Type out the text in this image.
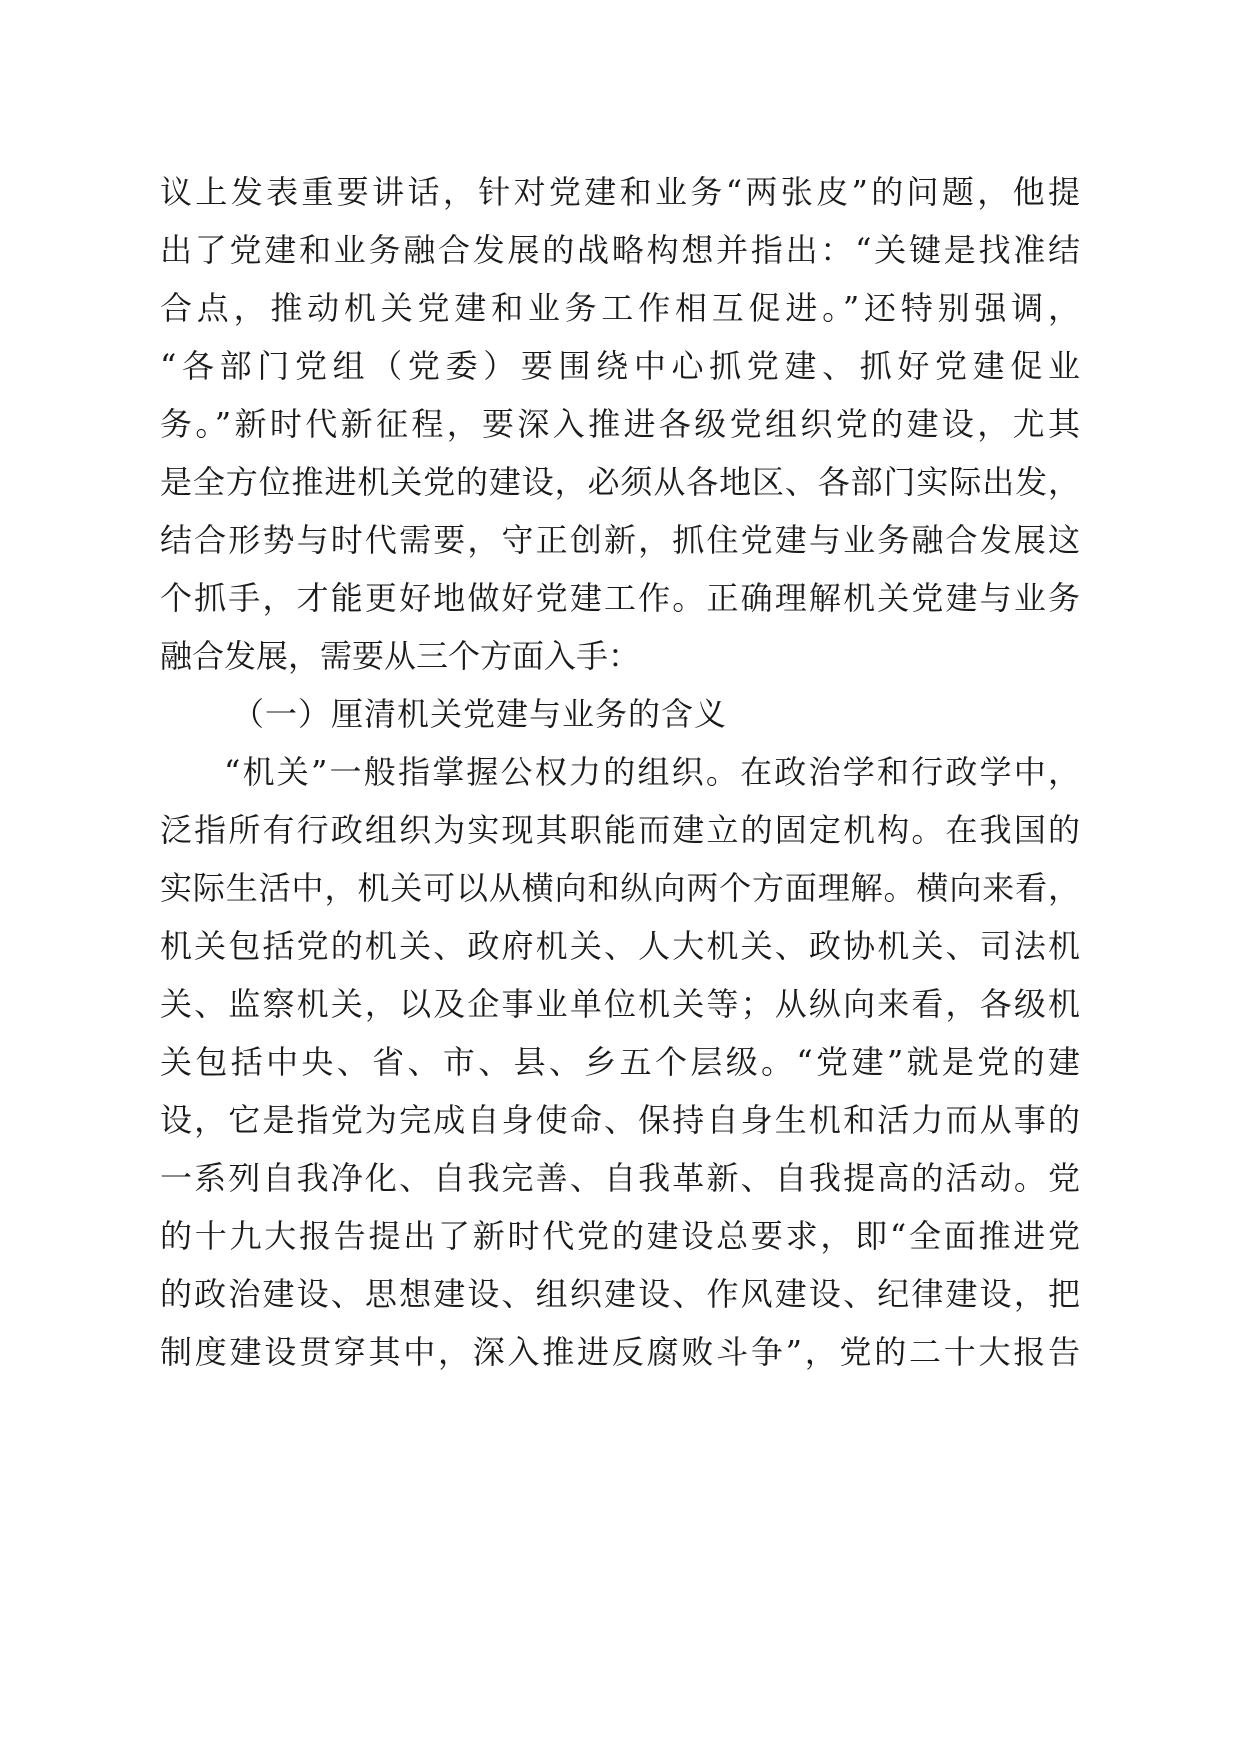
议上发表重要讲话，针对党建和业务“两张皮”的问题，他提
出了党建和业务融合发展的战略构想并指出：“关键是找准结
合点，推动机关党建和业务工作相互促进。”还特别强调，
“各部门党组（党委）要围绕中心抓党建、抓好党建促业
务。”新时代新征程，要深入推进各级党组织党的建设，尤其
是全方位推进机关党的建设，必须从各地区、各部门实际出发，
结合形势与时代需要，守正创新，抓住党建与业务融合发展这
个抓手，才能更好地做好党建工作。正确理解机关党建与业务
融合发展，需要从三个方面入手：
（一）厘清机关党建与业务的含义
“机关”一般指掌握公权力的组织。在政治学和行政学中，
泛指所有行政组织为实现其职能而建立的固定机构。在我国的
实际生活中，机关可以从横向和纵向两个方面理解。横向来看，
机关包括党的机关、政府机关、人大机关、政协机关、司法机
关、监察机关，以及企事业单位机关等；从纵向来看，各级机
关包括中央、省、市、县、乡五个层级。“党建”就是党的建
设，它是指党为完成自身使命、保持自身生机和活力而从事的
一系列自我净化、自我完善、自我革新、自我提高的活动。党
的十九大报告提出了新时代党的建设总要求，即“全面推进党
的政治建设、思想建设、组织建设、作风建设、纪律建设，把
制度建设贯穿其中，深入推进反腐败斗争”，党的二十大报告
